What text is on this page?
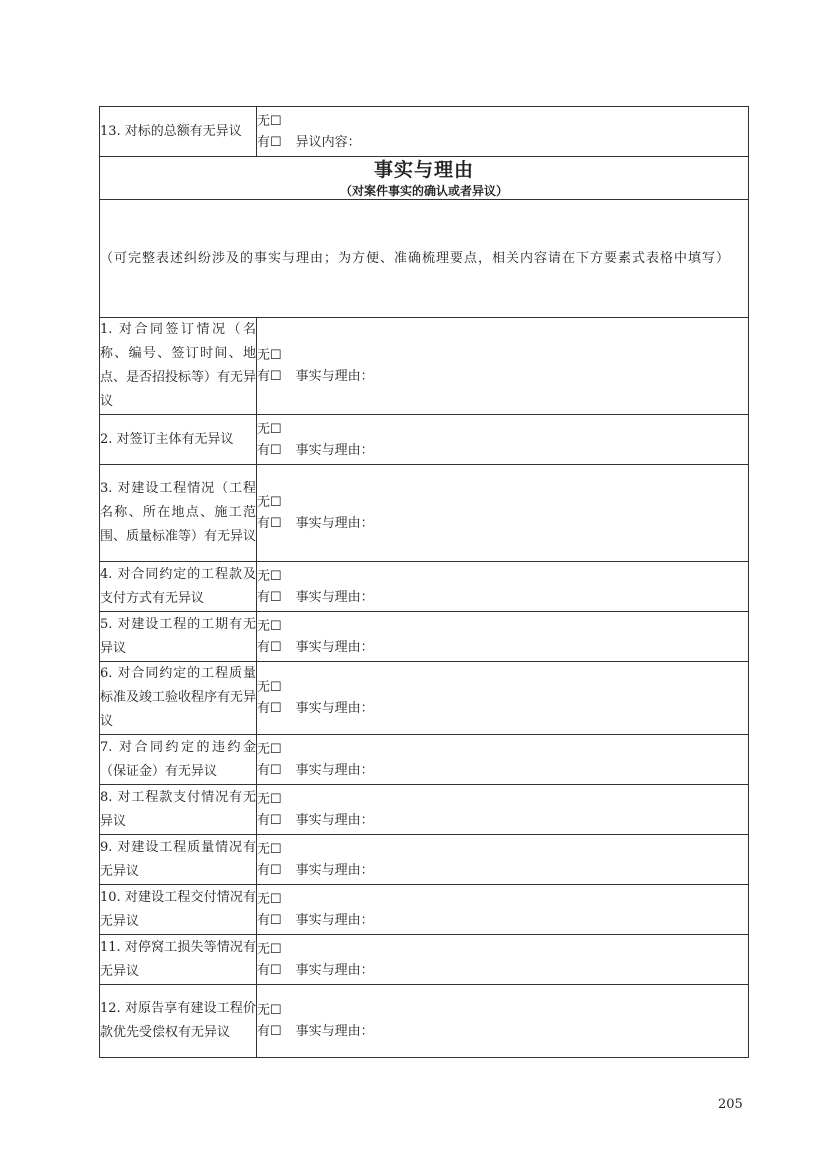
13. 对标的总额有无异议	无☐
有☐ 异议内容：

事实与理由
（对案件事实的确认或者异议）	

（可完整表述纠纷涉及的事实与理由；为方便、准确梳理要点，相关内容请在下方要素式表格中填写）	
1. 对合同签订情况（名称、编号、签订时间、地点、是否招投标等）有无异议	无☐
有☐ 事实与理由：

2. 对签订主体有无异议	无☐
有☐ 事实与理由：

3. 对建设工程情况（工程名称、所在地点、施工范围、质量标准等）有无异议	无☐
有☐ 事实与理由：

4. 对合同约定的工程款及支付方式有无异议	无☐
有☐ 事实与理由：

5. 对建设工程的工期有无异议	无☐
有☐ 事实与理由：

6. 对合同约定的工程质量标准及竣工验收程序有无异议	无☐
有☐ 事实与理由：

7. 对合同约定的违约金（保证金）有无异议	无☐
有☐ 事实与理由：

8. 对工程款支付情况有无异议	无☐
有☐ 事实与理由：

9. 对建设工程质量情况有无异议	无☐
有☐ 事实与理由：

10. 对建设工程交付情况有无异议	无☐
有☐ 事实与理由：

11. 对停窝工损失等情况有无异议	无☐
有☐ 事实与理由：

12. 对原告享有建设工程价款优先受偿权有无异议	无☐
有☐ 事实与理由：
205
